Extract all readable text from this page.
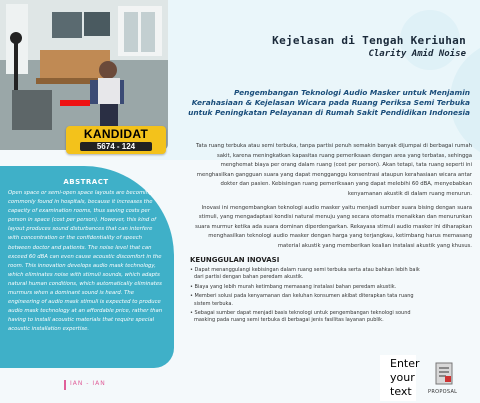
KANDIDAT
5674 - 124
Kejelasan di Tengah Keriuhan
Clarity Amid Noise
Pengembangan Teknologi Audio Masker untuk Menjamin
Kerahasiaan & Kejelasan Wicara pada Ruang Periksa Semi Terbuka
untuk Peningkatan Pelayanan di Rumah Sakit Pendidikan Indonesia

Tata ruang terbuka atau semi terbuka, tanpa partisi penuh semakin banyak dijumpai di berbagai rumah sakit, karena meningkatkan kapasitas ruang pemeriksaan dengan area yang terbatas, sehingga menghemat biaya per orang dalam ruang (cost per person). Akan tetapi, tata ruang seperti ini menghasilkan gangguan suara yang dapat mengganggu konsentrasi ataupun kerahasiaan wicara antar dokter dan pasien. Kebisingan ruang pemeriksaan yang dapat melebihi 60 dBA, menyebabkan kenyamanan akustik di dalam ruang menurun.

Inovasi ini mengembangkan teknologi audio masker yaitu menjadi sumber suara bising dengan suara stimuli, yang mengadaptasi kondisi natural menuju yang secara otomatis menaikkan dan menurunkan suara murmur ketika ada suara dominan diperdengarkan. Rekayasa stimuli audio masker ini diharapkan menghasilkan teknologi audio masker dengan harga yang terjangkau, ketimbang harus memasang material akustik yang memberikan kealian instalasi akustik yang khusus.

KEUNGGULAN INOVASI
• Dapat menanggulangi kebisingan dalam ruang semi terbuka serta atau bahkan lebih baik dari partisi dengan bahan peredam akustik.
• Biaya yang lebih murah ketimbang memasang instalasi bahan peredam akustik.
• Memberi solusi pada kenyamanan dan keluhan konsumen akibat diterapkan tata ruang sistem terbuka.
• Sebagai sumber dapat menjadi basis teknologi untuk pengembangan teknologi sound masking pada ruang semi terbuka di berbagai jenis fasilitas layanan publik.
ABSTRACT
Open space or semi-open space layouts are becoming commonly found in hospitals, because it increases the capacity of examination rooms, thus saving costs per person in space (cost per person). However, this kind of layout produces sound disturbances that can interfere with concentration or the confidentiality of speech between doctor and patients. The noise level that can exceed 60 dBA can even cause acoustic discomfort in the room. This innovation develops audio mask technology, which eliminates noise with stimuli sounds, which adapts natural human conditions, which automatically eliminates murmurs when a dominant sound is heard. The engineering of audio mask stimuli is expected to produce audio mask technology at an affordable price, rather than having to install acoustic materials that require special acoustic installation expertise.
IAN - IAN
Enter your text	PROPOSAL
